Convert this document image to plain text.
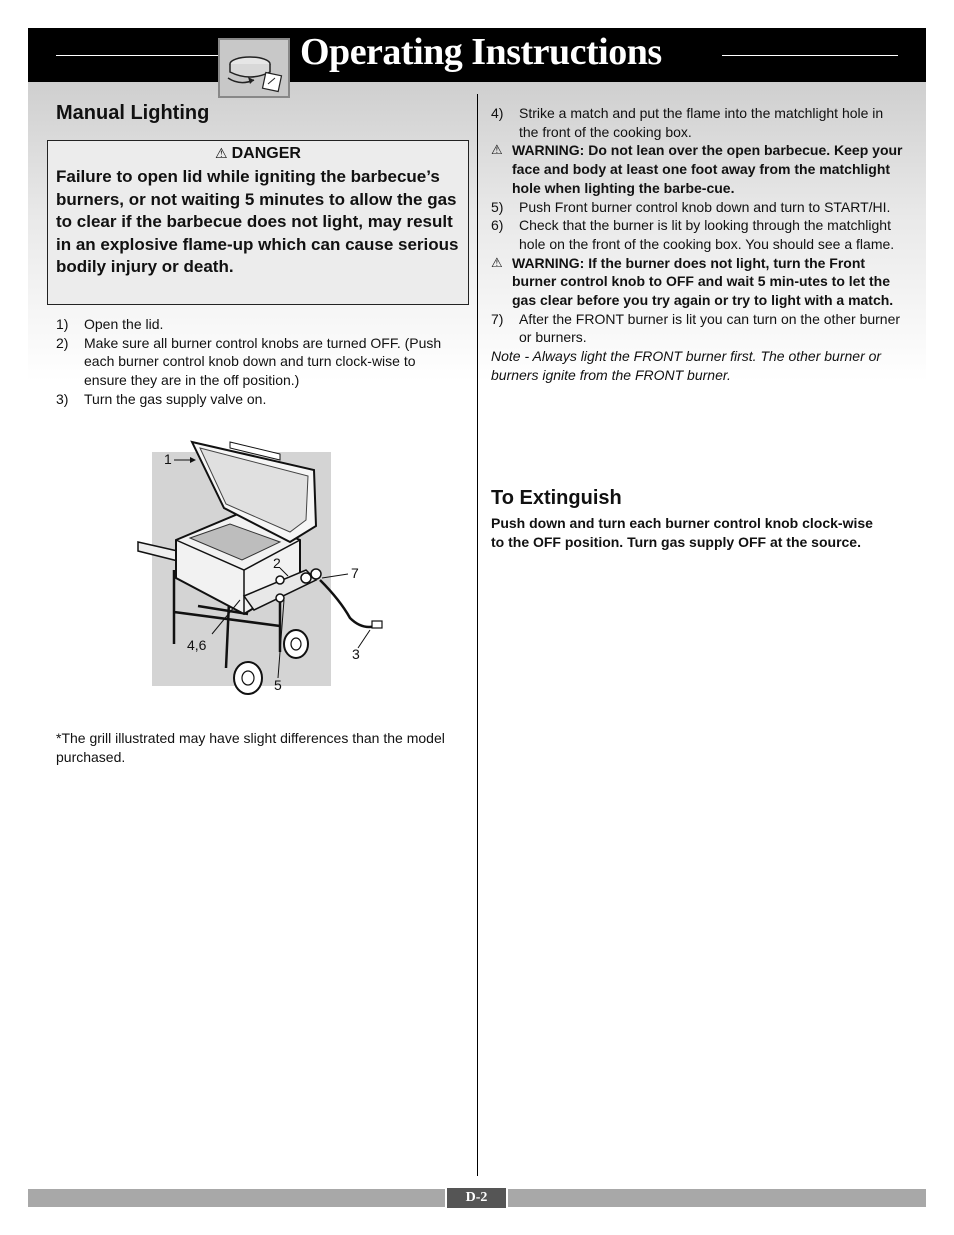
Operating Instructions
Manual Lighting
⚠ DANGER
Failure to open lid while igniting the barbecue’s burners, or not waiting 5 minutes to allow the gas to clear if the barbecue does not light, may result in an explosive flame-up which can cause serious bodily injury or death.
1)	Open the lid.
2)	Make sure all burner control knobs are turned OFF. (Push each burner control knob down and turn clock-wise to ensure they are in the off position.)
3)	Turn the gas supply valve on.
1
2
7
4,6
3
5
*The grill illustrated may have slight differences than the model purchased.
4)	Strike a match and put the flame into the matchlight hole in the front of the cooking box.
⚠ WARNING: Do not lean over the open barbecue. Keep your face and body at least one foot away from the matchlight hole when lighting the barbe-cue.
5)	Push Front burner control knob down and turn to START/HI.
6)	Check that the burner is lit by looking through the matchlight hole on the front of the cooking box. You should see a flame.
⚠ WARNING: If the burner does not light, turn the Front burner control knob to OFF and wait 5 min-utes to let the gas clear before you try again or try to light with a match.
7)	After the FRONT burner is lit you can turn on the other burner or burners.
Note - Always light the FRONT burner first. The other burner or burners ignite from the FRONT burner.
To Extinguish
Push down and turn each burner control knob clock-wise to the OFF position. Turn gas supply OFF at the source.
D-2
